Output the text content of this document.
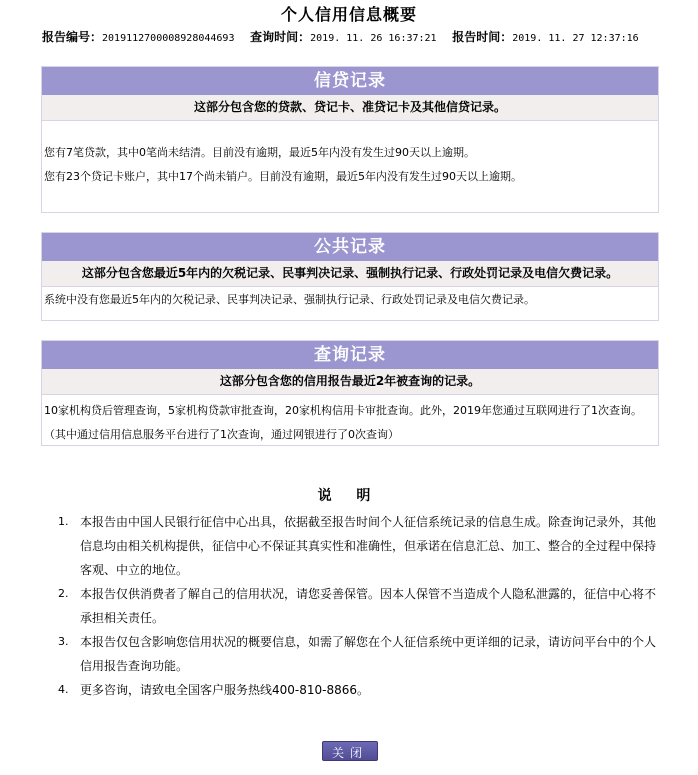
个人信用信息概要
报告编号：2019112700008928044693 查询时间：2019. 11. 26 16:37:21 报告时间：2019. 11. 27 12:37:16
信贷记录
这部分包含您的贷款、贷记卡、准贷记卡及其他信贷记录。
您有7笔贷款，其中0笔尚未结清。目前没有逾期，最近5年内没有发生过90天以上逾期。
您有23个贷记卡账户，其中17个尚未销户。目前没有逾期，最近5年内没有发生过90天以上逾期。
公共记录
这部分包含您最近5年内的欠税记录、民事判决记录、强制执行记录、行政处罚记录及电信欠费记录。
系统中没有您最近5年内的欠税记录、民事判决记录、强制执行记录、行政处罚记录及电信欠费记录。
查询记录
这部分包含您的信用报告最近2年被查询的记录。
10家机构贷后管理查询，5家机构贷款审批查询，20家机构信用卡审批查询。此外，2019年您通过互联网进行了1次查询。（其中通过信用信息服务平台进行了1次查询，通过网银进行了0次查询）
说 明
1. 本报告由中国人民银行征信中心出具，依据截至报告时间个人征信系统记录的信息生成。除查询记录外，其他信息均由相关机构提供，征信中心不保证其真实性和准确性，但承诺在信息汇总、加工、整合的全过程中保持客观、中立的地位。
2. 本报告仅供消费者了解自己的信用状况，请您妥善保管。因本人保管不当造成个人隐私泄露的，征信中心将不承担相关责任。
3. 本报告仅包含影响您信用状况的概要信息，如需了解您在个人征信系统中更详细的记录，请访问平台中的个人信用报告查询功能。
4. 更多咨询，请致电全国客户服务热线400-810-8866。
关闭
